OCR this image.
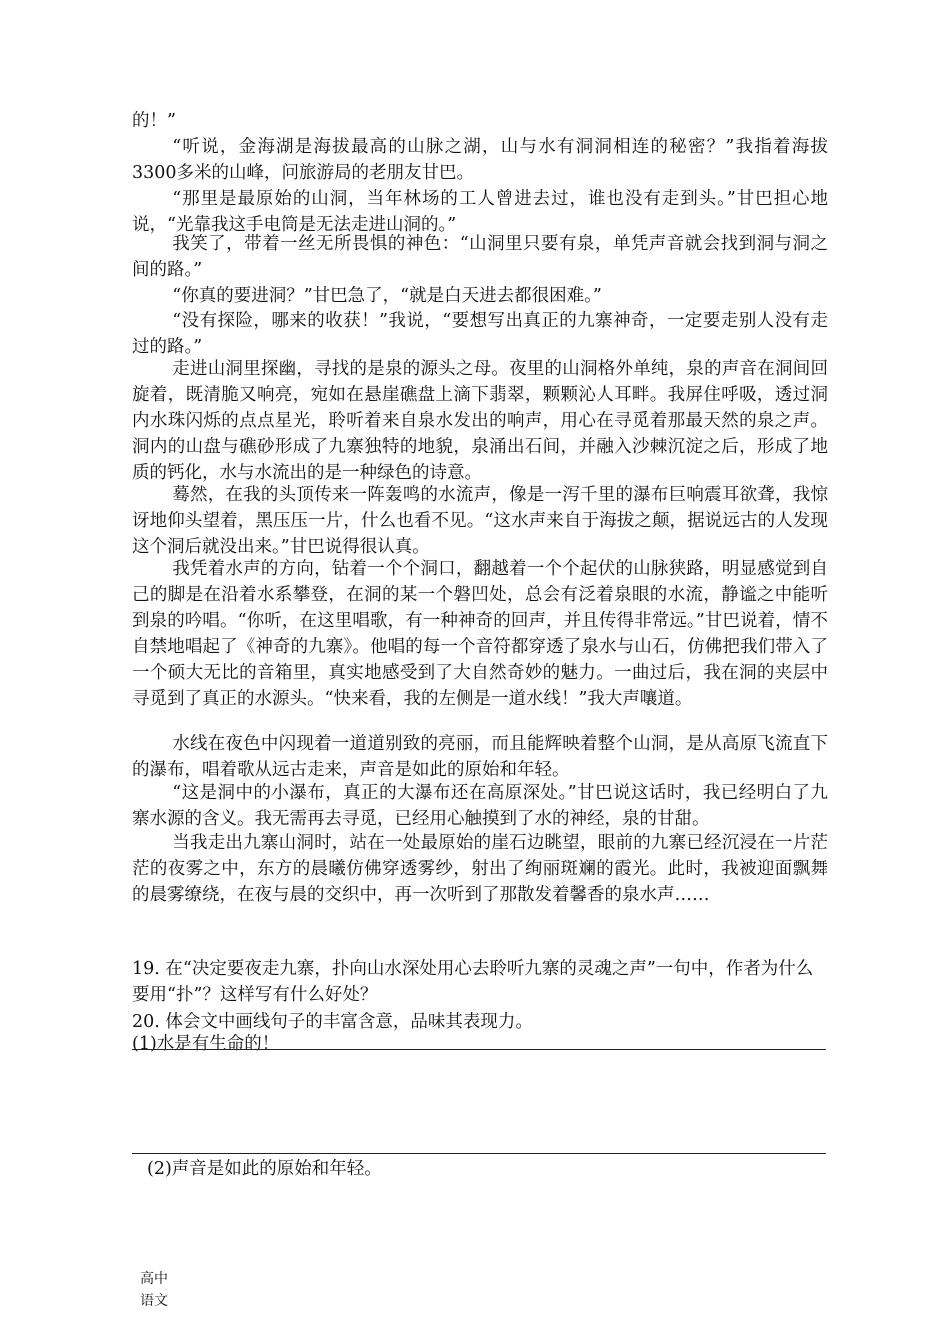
的！”

“听说，金海湖是海拔最高的山脉之湖，山与水有洞洞相连的秘密？”我指着海拔3300多米的山峰，问旅游局的老朋友甘巴。

“那里是最原始的山洞，当年林场的工人曾进去过，谁也没有走到头。”甘巴担心地说，“光靠我这手电筒是无法走进山洞的。”

我笑了，带着一丝无所畏惧的神色：“山洞里只要有泉，单凭声音就会找到洞与洞之间的路。”

“你真的要进洞？”甘巴急了，“就是白天进去都很困难。”

“没有探险，哪来的收获！”我说，“要想写出真正的九寨神奇，一定要走别人没有走过的路。”

走进山洞里探幽，寻找的是泉的源头之母。夜里的山洞格外单纯，泉的声音在洞间回旋着，既清脆又响亮，宛如在悬崖礁盘上滴下翡翠，颗颗沁人耳畔。我屏住呼吸，透过洞内水珠闪烁的点点星光，聆听着来自泉水发出的响声，用心在寻觅着那最天然的泉之声。洞内的山盘与礁砂形成了九寨独特的地貌，泉涌出石间，并融入沙棘沉淀之后，形成了地质的钙化，水与水流出的是一种绿色的诗意。

蓦然，在我的头顶传来一阵轰鸣的水流声，像是一泻千里的瀑布巨响震耳欲聋，我惊讶地仰头望着，黑压压一片，什么也看不见。“这水声来自于海拔之颠，据说远古的人发现这个洞后就没出来。”甘巴说得很认真。

我凭着水声的方向，钻着一个个洞口，翻越着一个个起伏的山脉狭路，明显感觉到自己的脚是在沿着水系攀登，在洞的某一个磐凹处，总会有泛着泉眼的水流，静谧之中能听到泉的吟唱。“你听，在这里唱歌，有一种神奇的回声，并且传得非常远。”甘巴说着，情不自禁地唱起了《神奇的九寨》。他唱的每一个音符都穿透了泉水与山石，仿佛把我们带入了一个硕大无比的音箱里，真实地感受到了大自然奇妙的魅力。一曲过后，我在洞的夹层中寻觅到了真正的水源头。“快来看，我的左侧是一道水线！”我大声嚷道。

水线在夜色中闪现着一道道别致的亮丽，而且能辉映着整个山洞，是从高原飞流直下的瀑布，唱着歌从远古走来，声音是如此的原始和年轻。

“这是洞中的小瀑布，真正的大瀑布还在高原深处。”甘巴说这话时，我已经明白了九寨水源的含义。我无需再去寻觅，已经用心触摸到了水的神经，泉的甘甜。

当我走出九寨山洞时，站在一处最原始的崖石边眺望，眼前的九寨已经沉浸在一片茫茫的夜雾之中，东方的晨曦仿佛穿透雾纱，射出了绚丽斑斓的霞光。此时，我被迎面飘舞的晨雾缭绕，在夜与晨的交织中，再一次听到了那散发着馨香的泉水声……

19. 在“决定要夜走九寨，扑向山水深处用心去聆听九寨的灵魂之声”一句中，作者为什么要用“扑”？这样写有什么好处？

20. 体会文中画线句子的丰富含意，品味其表现力。

(1)水是有生命的！

(2)声音是如此的原始和年轻。

高中语文
